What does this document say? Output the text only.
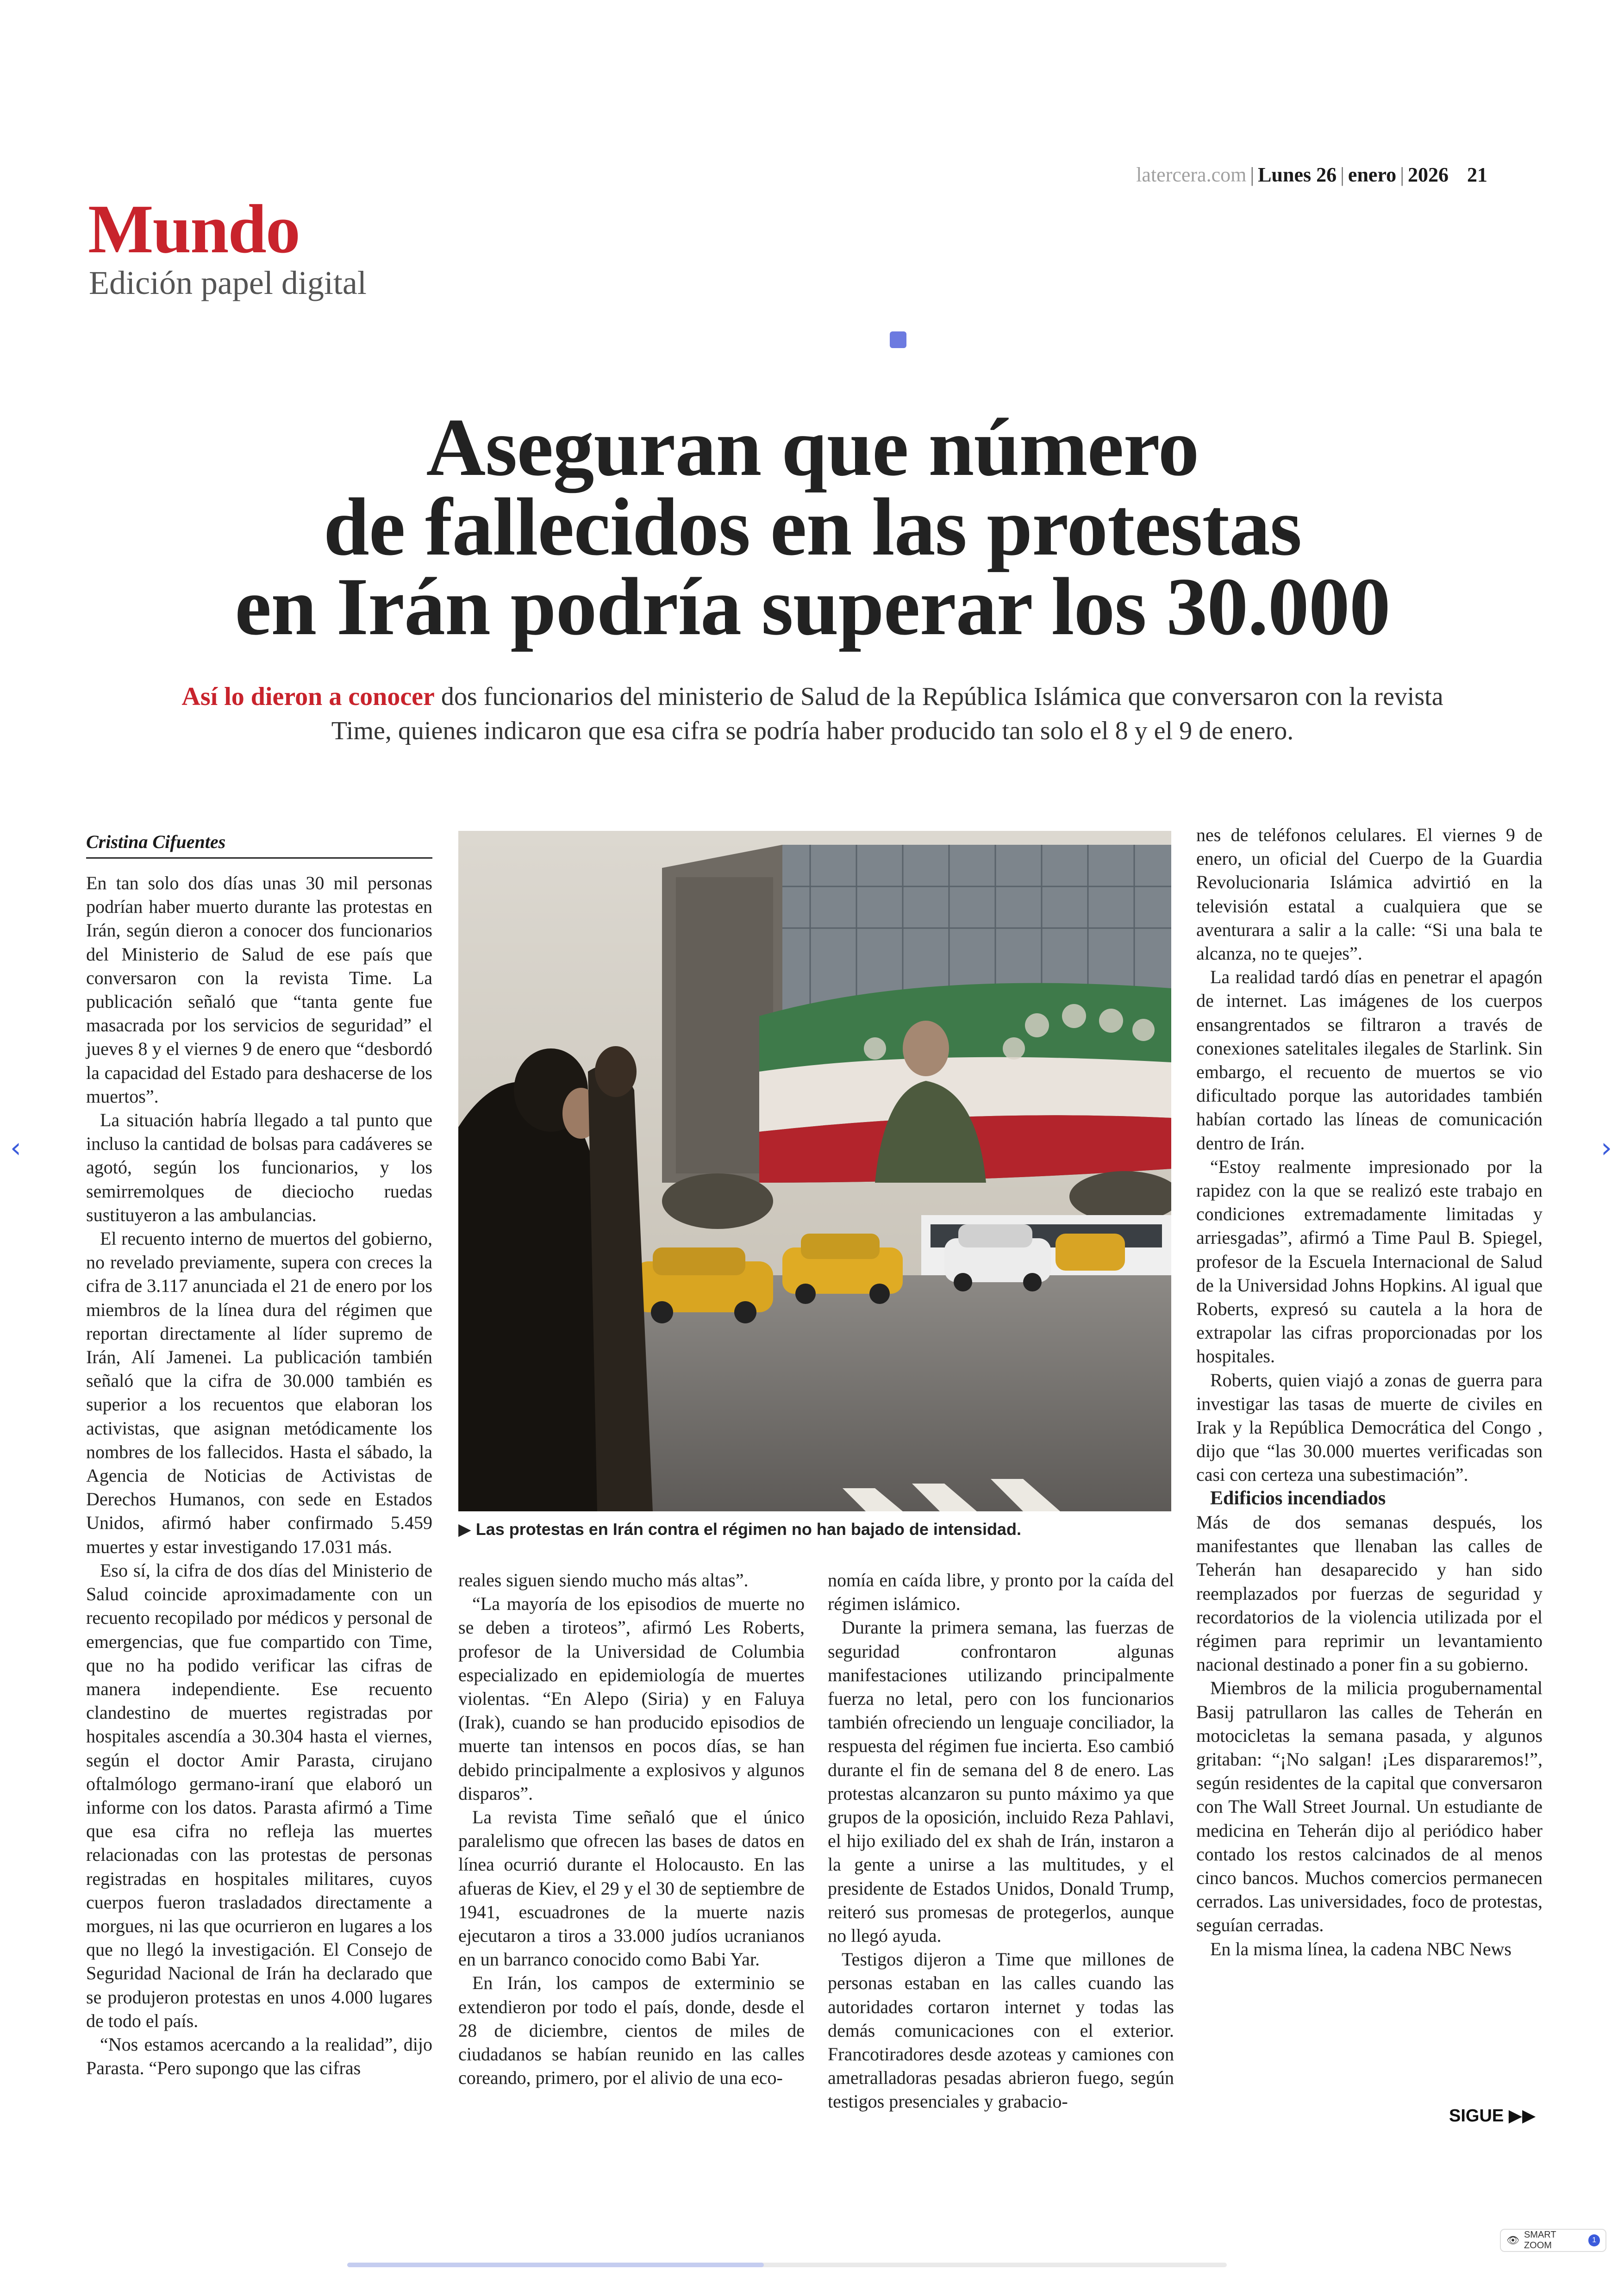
latercera.com | Lunes 26 | enero | 2026 21
Mundo
Edición papel digital
Aseguran que número
de fallecidos en las protestas
en Irán podría superar los 30.000
Así lo dieron a conocer dos funcionarios del ministerio de Salud de la República Islámica que conversaron con la revista Time, quienes indicaron que esa cifra se podría haber producido tan solo el 8 y el 9 de enero.
Cristina Cifuentes

En tan solo dos días unas 30 mil personas podrían haber muerto durante las protestas en Irán, según dieron a conocer dos funcionarios del Ministerio de Salud de ese país que conversaron con la revista Time. La publicación señaló que “tanta gente fue masacrada por los servicios de seguridad” el jueves 8 y el viernes 9 de enero que “desbordó la capacidad del Estado para deshacerse de los muertos”.

La situación habría llegado a tal punto que incluso la cantidad de bolsas para cadáveres se agotó, según los funcionarios, y los semirremolques de dieciocho ruedas sustituyeron a las ambulancias.

El recuento interno de muertos del gobierno, no revelado previamente, supera con creces la cifra de 3.117 anunciada el 21 de enero por los miembros de la línea dura del régimen que reportan directamente al líder supremo de Irán, Alí Jamenei. La publicación también señaló que la cifra de 30.000 también es superior a los recuentos que elaboran los activistas, que asignan metódicamente los nombres de los fallecidos. Hasta el sábado, la Agencia de Noticias de Activistas de Derechos Humanos, con sede en Estados Unidos, afirmó haber confirmado 5.459 muertes y estar investigando 17.031 más.

Eso sí, la cifra de dos días del Ministerio de Salud coincide aproximadamente con un recuento recopilado por médicos y personal de emergencias, que fue compartido con Time, que no ha podido verificar las cifras de manera independiente. Ese recuento clandestino de muertes registradas por hospitales ascendía a 30.304 hasta el viernes, según el doctor Amir Parasta, cirujano oftalmólogo germano-iraní que elaboró un informe con los datos. Parasta afirmó a Time que esa cifra no refleja las muertes relacionadas con las protestas de personas registradas en hospitales militares, cuyos cuerpos fueron trasladados directamente a morgues, ni las que ocurrieron en lugares a los que no llegó la investigación. El Consejo de Seguridad Nacional de Irán ha declarado que se produjeron protestas en unos 4.000 lugares de todo el país.

“Nos estamos acercando a la realidad”, dijo Parasta. “Pero supongo que las cifras

▶ Las protestas en Irán contra el régimen no han bajado de intensidad.

reales siguen siendo mucho más altas”.

“La mayoría de los episodios de muerte no se deben a tiroteos”, afirmó Les Roberts, profesor de la Universidad de Columbia especializado en epidemiología de muertes violentas. “En Alepo (Siria) y en Faluya (Irak), cuando se han producido episodios de muerte tan intensos en pocos días, se han debido principalmente a explosivos y algunos disparos”.

La revista Time señaló que el único paralelismo que ofrecen las bases de datos en línea ocurrió durante el Holocausto. En las afueras de Kiev, el 29 y el 30 de septiembre de 1941, escuadrones de la muerte nazis ejecutaron a tiros a 33.000 judíos ucranianos en un barranco conocido como Babi Yar.

En Irán, los campos de exterminio se extendieron por todo el país, donde, desde el 28 de diciembre, cientos de miles de ciudadanos se habían reunido en las calles coreando, primero, por el alivio de una eco-

nomía en caída libre, y pronto por la caída del régimen islámico.

Durante la primera semana, las fuerzas de seguridad confrontaron algunas manifestaciones utilizando principalmente fuerza no letal, pero con los funcionarios también ofreciendo un lenguaje conciliador, la respuesta del régimen fue incierta. Eso cambió durante el fin de semana del 8 de enero. Las protestas alcanzaron su punto máximo ya que grupos de la oposición, incluido Reza Pahlavi, el hijo exiliado del ex shah de Irán, instaron a la gente a unirse a las multitudes, y el presidente de Estados Unidos, Donald Trump, reiteró sus promesas de protegerlos, aunque no llegó ayuda.

Testigos dijeron a Time que millones de personas estaban en las calles cuando las autoridades cortaron internet y todas las demás comunicaciones con el exterior. Francotiradores desde azoteas y camiones con ametralladoras pesadas abrieron fuego, según testigos presenciales y grabacio-

nes de teléfonos celulares. El viernes 9 de enero, un oficial del Cuerpo de la Guardia Revolucionaria Islámica advirtió en la televisión estatal a cualquiera que se aventurara a salir a la calle: “Si una bala te alcanza, no te quejes”.

La realidad tardó días en penetrar el apagón de internet. Las imágenes de los cuerpos ensangrentados se filtraron a través de conexiones satelitales ilegales de Starlink. Sin embargo, el recuento de muertos se vio dificultado porque las autoridades también habían cortado las líneas de comunicación dentro de Irán.

“Estoy realmente impresionado por la rapidez con la que se realizó este trabajo en condiciones extremadamente limitadas y arriesgadas”, afirmó a Time Paul B. Spiegel, profesor de la Escuela Internacional de Salud de la Universidad Johns Hopkins. Al igual que Roberts, expresó su cautela a la hora de extrapolar las cifras proporcionadas por los hospitales.

Roberts, quien viajó a zonas de guerra para investigar las tasas de muerte de civiles en Irak y la República Democrática del Congo , dijo que “las 30.000 muertes verificadas son casi con certeza una subestimación”.

Edificios incendiados

Más de dos semanas después, los manifestantes que llenaban las calles de Teherán han desaparecido y han sido reemplazados por fuerzas de seguridad y recordatorios de la violencia utilizada por el régimen para reprimir un levantamiento nacional destinado a poner fin a su gobierno.

Miembros de la milicia progubernamental Basij patrullaron las calles de Teherán en motocicletas la semana pasada, y algunos gritaban: “¡No salgan! ¡Les dispararemos!”, según residentes de la capital que conversaron con The Wall Street Journal. Un estudiante de medicina en Teherán dijo al periódico haber contado los restos calcinados de al menos cinco bancos. Muchos comercios permanecen cerrados. Las universidades, foco de protestas, seguían cerradas.

En la misma línea, la cadena NBC News

SIGUE ▶▶
‹	›
👁 SMART ZOOM
1
